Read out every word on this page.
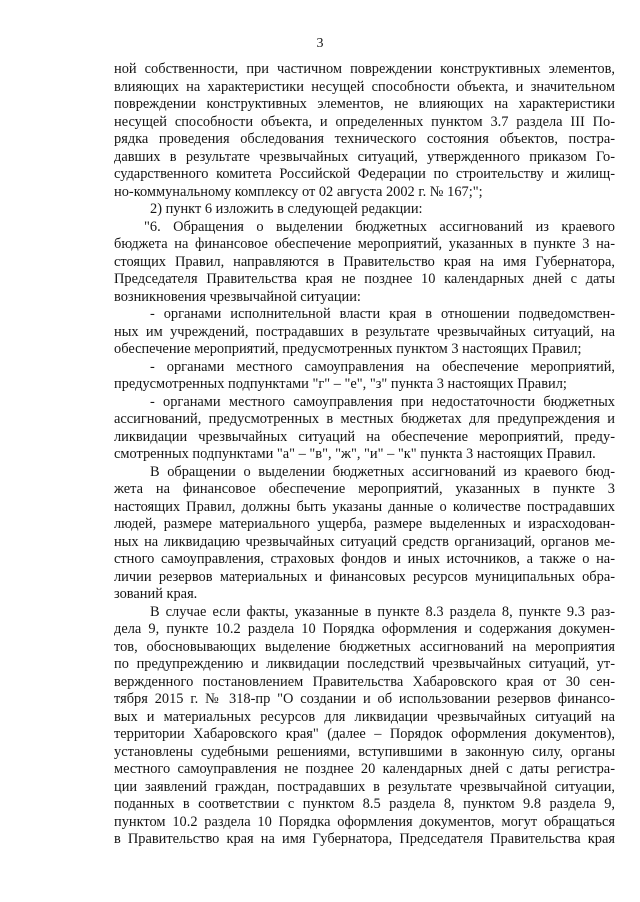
3
ной собственности, при частичном повреждении конструктивных элементов,
влияющих на характеристики несущей способности объекта, и значительном
повреждении конструктивных элементов, не влияющих на характеристики
несущей способности объекта, и определенных пунктом 3.7 раздела III По-
рядка проведения обследования технического состояния объектов, постра-
давших в результате чрезвычайных ситуаций, утвержденного приказом Го-
сударственного комитета Российской Федерации по строительству и жилищ-
но-коммунальному комплексу от 02 августа 2002 г. № 167;";
2) пункт 6 изложить в следующей редакции:
"6. Обращения о выделении бюджетных ассигнований из краевого
бюджета на финансовое обеспечение мероприятий, указанных в пункте 3 на-
стоящих Правил, направляются в Правительство края на имя Губернатора,
Председателя Правительства края не позднее 10 календарных дней с даты
возникновения чрезвычайной ситуации:
- органами исполнительной власти края в отношении подведомствен-
ных им учреждений, пострадавших в результате чрезвычайных ситуаций, на
обеспечение мероприятий, предусмотренных пунктом 3 настоящих Правил;
- органами местного самоуправления на обеспечение мероприятий,
предусмотренных подпунктами "г" – "е", "з" пункта 3 настоящих Правил;
- органами местного самоуправления при недостаточности бюджетных
ассигнований, предусмотренных в местных бюджетах для предупреждения и
ликвидации чрезвычайных ситуаций на обеспечение мероприятий, преду-
смотренных подпунктами "а" – "в", "ж", "и" – "к" пункта 3 настоящих Правил.
В обращении о выделении бюджетных ассигнований из краевого бюд-
жета на финансовое обеспечение мероприятий, указанных в пункте 3
настоящих Правил, должны быть указаны данные о количестве пострадавших
людей, размере материального ущерба, размере выделенных и израсходован-
ных на ликвидацию чрезвычайных ситуаций средств организаций, органов ме-
стного самоуправления, страховых фондов и иных источников, а также о на-
личии резервов материальных и финансовых ресурсов муниципальных обра-
зований края.
В случае если факты, указанные в пункте 8.3 раздела 8, пункте 9.3 раз-
дела 9, пункте 10.2 раздела 10 Порядка оформления и содержания докумен-
тов, обосновывающих выделение бюджетных ассигнований на мероприятия
по предупреждению и ликвидации последствий чрезвычайных ситуаций, ут-
вержденного постановлением Правительства Хабаровского края от 30 сен-
тября 2015 г. № 318-пр "О создании и об использовании резервов финансо-
вых и материальных ресурсов для ликвидации чрезвычайных ситуаций на
территории Хабаровского края" (далее – Порядок оформления документов),
установлены судебными решениями, вступившими в законную силу, органы
местного самоуправления не позднее 20 календарных дней с даты регистра-
ции заявлений граждан, пострадавших в результате чрезвычайной ситуации,
поданных в соответствии с пунктом 8.5 раздела 8, пунктом 9.8 раздела 9,
пунктом 10.2 раздела 10 Порядка оформления документов, могут обращаться
в Правительство края на имя Губернатора, Председателя Правительства края
